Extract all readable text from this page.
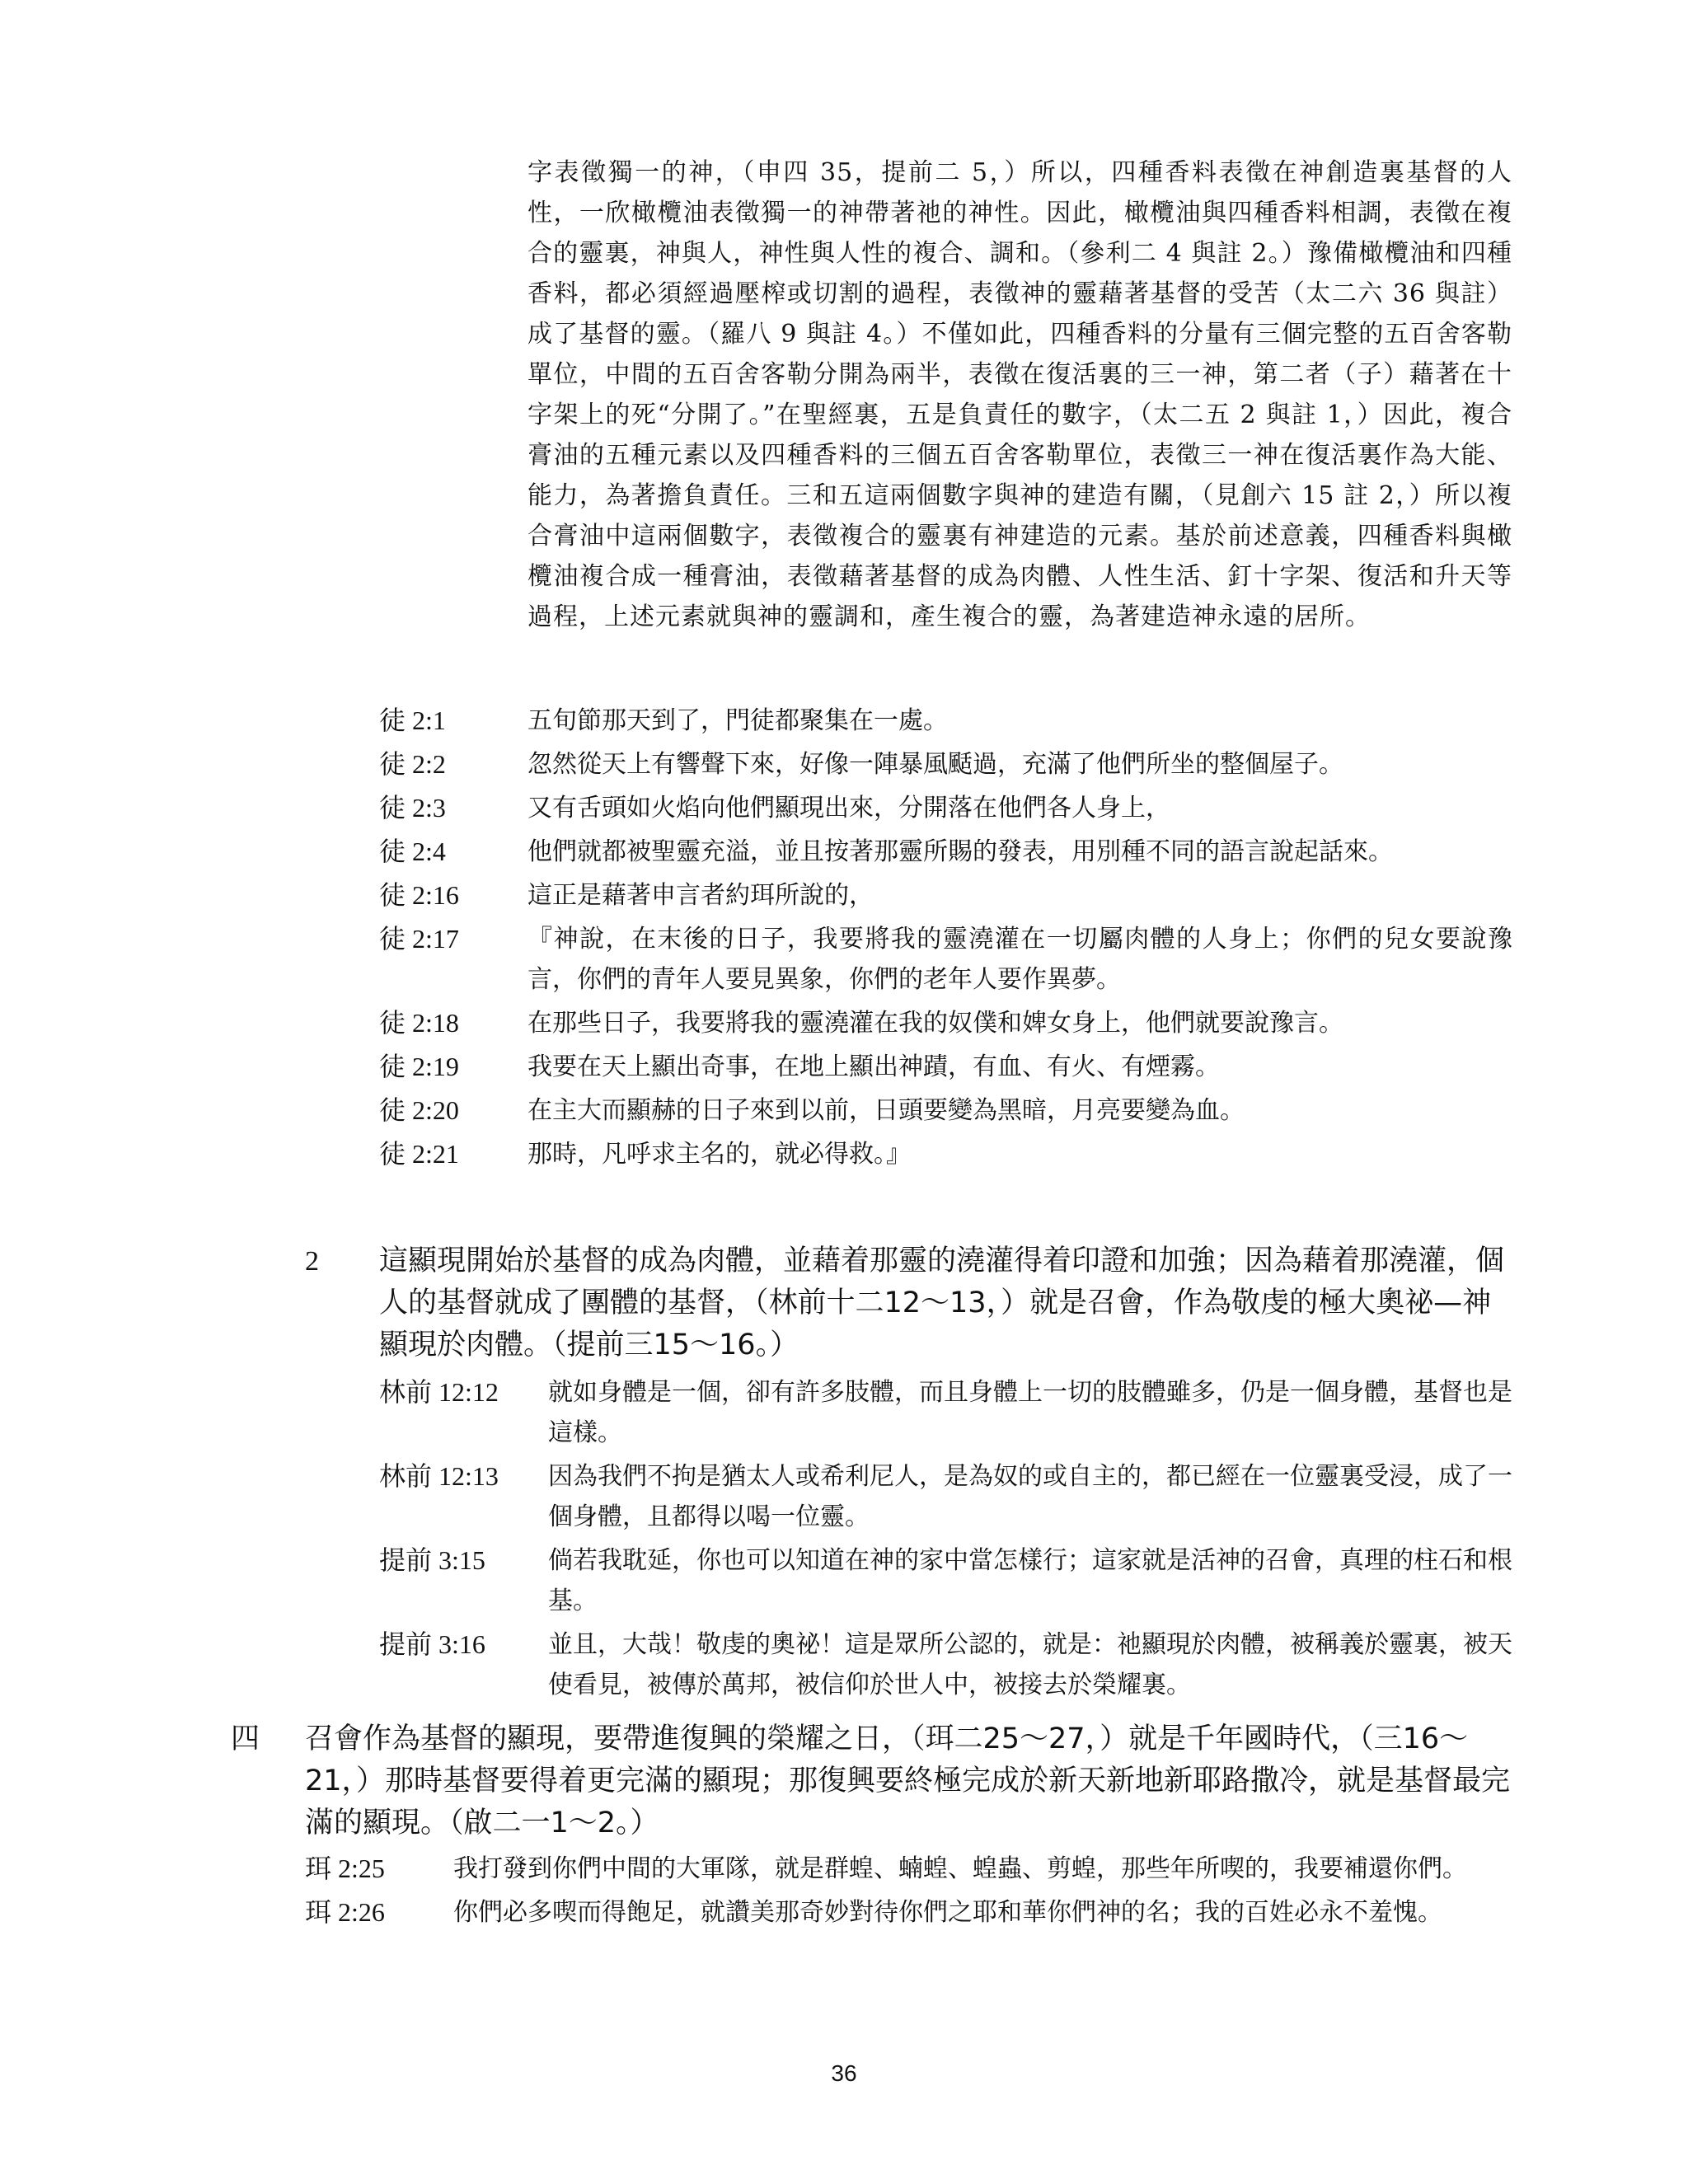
字表徵獨一的神，（申四 35，提前二 5，）所以，四種香料表徵在神創造裏基督的人性，一欣橄欖油表徵獨一的神帶著祂的神性。因此，橄欖油與四種香料相調，表徵在複合的靈裏，神與人，神性與人性的複合、調和。（參利二 4 與註 2。）豫備橄欖油和四種香料，都必須經過壓榨或切割的過程，表徵神的靈藉著基督的受苦（太二六 36 與註）成了基督的靈。（羅八 9 與註 4。）不僅如此，四種香料的分量有三個完整的五百舍客勒單位，中間的五百舍客勒分開為兩半，表徵在復活裏的三一神，第二者（子）藉著在十字架上的死“分開了。”在聖經裏，五是負責任的數字，（太二五 2 與註 1，）因此，複合膏油的五種元素以及四種香料的三個五百舍客勒單位，表徵三一神在復活裏作為大能、能力，為著擔負責任。三和五這兩個數字與神的建造有關，（見創六 15 註 2，）所以複合膏油中這兩個數字，表徵複合的靈裏有神建造的元素。基於前述意義，四種香料與橄欖油複合成一種膏油，表徵藉著基督的成為肉體、人性生活、釘十字架、復活和升天等過程，上述元素就與神的靈調和，產生複合的靈，為著建造神永遠的居所。
徒 2:1	五旬節那天到了，門徒都聚集在一處。
徒 2:2	忽然從天上有響聲下來，好像一陣暴風颳過，充滿了他們所坐的整個屋子。
徒 2:3	又有舌頭如火焰向他們顯現出來，分開落在他們各人身上，
徒 2:4	他們就都被聖靈充溢，並且按著那靈所賜的發表，用別種不同的語言說起話來。
徒 2:16	這正是藉著申言者約珥所說的，
徒 2:17	『神說，在末後的日子，我要將我的靈澆灌在一切屬肉體的人身上；你們的兒女要說豫言，你們的青年人要見異象，你們的老年人要作異夢。
徒 2:18	在那些日子，我要將我的靈澆灌在我的奴僕和婢女身上，他們就要說豫言。
徒 2:19	我要在天上顯出奇事，在地上顯出神蹟，有血、有火、有煙霧。
徒 2:20	在主大而顯赫的日子來到以前，日頭要變為黑暗，月亮要變為血。
徒 2:21	那時，凡呼求主名的，就必得救。』
2	這顯現開始於基督的成為肉體，並藉着那靈的澆灌得着印證和加強；因為藉着那澆灌，個人的基督就成了團體的基督，（林前十二12～13，）就是召會，作為敬虔的極大奧祕—神顯現於肉體。（提前三15～16。）
林前 12:12	就如身體是一個，卻有許多肢體，而且身體上一切的肢體雖多，仍是一個身體，基督也是這樣。
林前 12:13	因為我們不拘是猶太人或希利尼人，是為奴的或自主的，都已經在一位靈裏受浸，成了一個身體，且都得以喝一位靈。
提前 3:15	倘若我耽延，你也可以知道在神的家中當怎樣行；這家就是活神的召會，真理的柱石和根基。
提前 3:16	並且，大哉！敬虔的奧祕！這是眾所公認的，就是：祂顯現於肉體，被稱義於靈裏，被天使看見，被傳於萬邦，被信仰於世人中，被接去於榮耀裏。
四	召會作為基督的顯現，要帶進復興的榮耀之日，（珥二25～27，）就是千年國時代，（三16～21，）那時基督要得着更完滿的顯現；那復興要終極完成於新天新地新耶路撒冷，就是基督最完滿的顯現。（啟二一1～2。）
珥 2:25	我打發到你們中間的大軍隊，就是群蝗、蝻蝗、蝗蟲、剪蝗，那些年所喫的，我要補還你們。
珥 2:26	你們必多喫而得飽足，就讚美那奇妙對待你們之耶和華你們神的名；我的百姓必永不羞愧。
36
